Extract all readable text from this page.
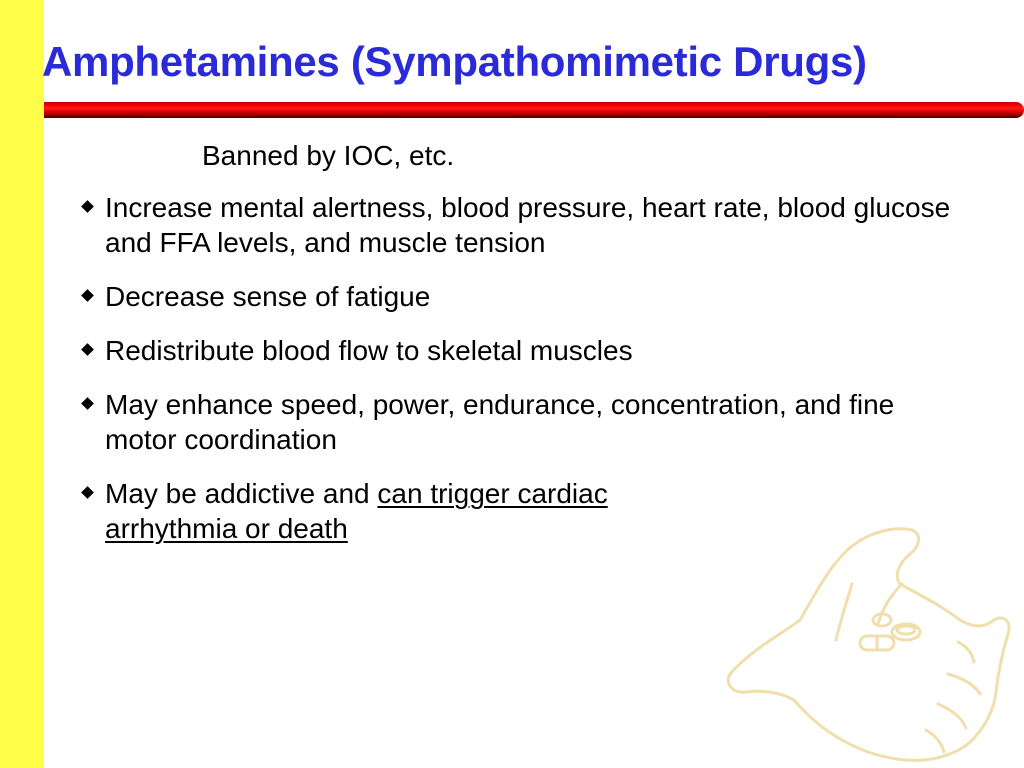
Amphetamines (Sympathomimetic Drugs)
Banned by IOC, etc.
Increase mental alertness, blood pressure, heart rate, blood glucose and FFA levels, and muscle tension
Decrease sense of fatigue
Redistribute blood flow to skeletal muscles
May enhance speed, power, endurance, concentration, and fine motor coordination
May be addictive and can trigger cardiac arrhythmia or death
